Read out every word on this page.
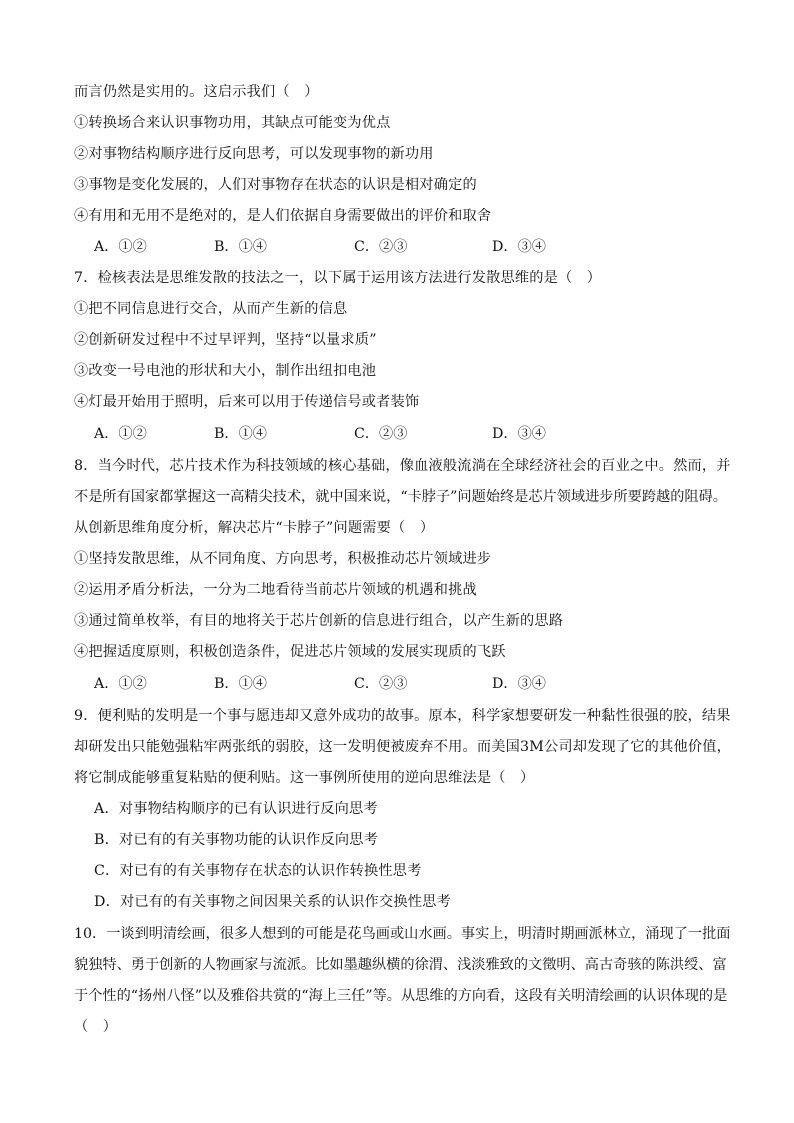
而言仍然是实用的。这启示我们（　）
①转换场合来认识事物功用，其缺点可能变为优点
②对事物结构顺序进行反向思考，可以发现事物的新功用
③事物是变化发展的，人们对事物存在状态的认识是相对确定的
④有用和无用不是绝对的，是人们依据自身需要做出的评价和取舍
A．①②	B．①④	C．②③	D．③④
7．检核表法是思维发散的技法之一，以下属于运用该方法进行发散思维的是（　）
①把不同信息进行交合，从而产生新的信息
②创新研发过程中不过早评判，坚持“以量求质”
③改变一号电池的形状和大小，制作出纽扣电池
④灯最开始用于照明，后来可以用于传递信号或者装饰
A．①②	B．①④	C．②③	D．③④
8．当今时代，芯片技术作为科技领域的核心基础，像血液般流淌在全球经济社会的百业之中。然而，并
不是所有国家都掌握这一高精尖技术，就中国来说，“卡脖子”问题始终是芯片领域进步所要跨越的阻碍。
从创新思维角度分析，解决芯片“卡脖子”问题需要（　）
①坚持发散思维，从不同角度、方向思考，积极推动芯片领域进步
②运用矛盾分析法，一分为二地看待当前芯片领域的机遇和挑战
③通过简单枚举，有目的地将关于芯片创新的信息进行组合，以产生新的思路
④把握适度原则，积极创造条件，促进芯片领域的发展实现质的飞跃
A．①②	B．①④	C．②③	D．③④
9．便利贴的发明是一个事与愿违却又意外成功的故事。原本，科学家想要研发一种黏性很强的胶，结果
却研发出只能勉强粘牢两张纸的弱胶，这一发明便被废弃不用。而美国3M公司却发现了它的其他价值，
将它制成能够重复粘贴的便利贴。这一事例所使用的逆向思维法是（　）
A．对事物结构顺序的已有认识进行反向思考
B．对已有的有关事物功能的认识作反向思考
C．对已有的有关事物存在状态的认识作转换性思考
D．对已有的有关事物之间因果关系的认识作交换性思考
10．一谈到明清绘画，很多人想到的可能是花鸟画或山水画。事实上，明清时期画派林立，涌现了一批面
貌独特、勇于创新的人物画家与流派。比如墨趣纵横的徐渭、浅淡雅致的文徵明、高古奇骇的陈洪绶、富
于个性的“扬州八怪”以及雅俗共赏的“海上三任”等。从思维的方向看，这段有关明清绘画的认识体现的是
（　）
